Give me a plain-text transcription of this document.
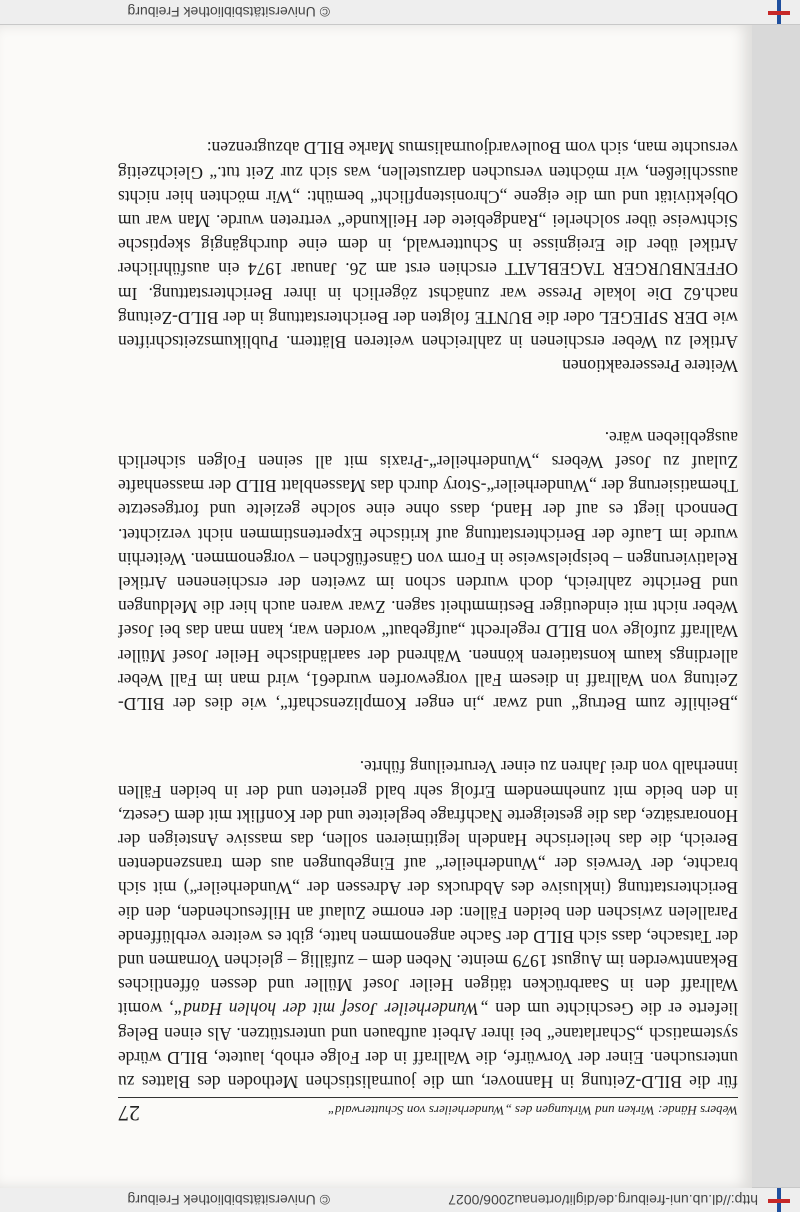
http://dl.ub.uni-freiburg.de/diglit/ortenau2006/0027
© Universitätsbibliothek Freiburg
Webers Hände: Wirken und Wirkungen des „Wunderheilers von Schutterwald“
27

für die BILD-Zeitung in Hannover, um die journalistischen Methoden des Blattes zu untersuchen. Einer der Vorwürfe, die Wallraff in der Folge erhob, lautete, BILD würde systematisch „Scharlatane“ bei ihrer Arbeit aufbauen und unterstützen. Als einen Beleg lieferte er die Geschichte um den „Wunderheiler Josef mit der hohlen Hand“, womit Wallraff den in Saarbrücken tätigen Heiler Josef Müller und dessen öffentliches Bekanntwerden im August 1979 meinte. Neben dem – zufällig – gleichen Vornamen und der Tatsache, dass sich BILD der Sache angenommen hatte, gibt es weitere verblüffende Parallelen zwischen den beiden Fällen: der enorme Zulauf an Hilfesuchenden, den die Berichterstattung (inklusive des Abdrucks der Adressen der „Wunderheiler“) mit sich brachte, der Verweis der „Wunderheiler“ auf Eingebungen aus dem transzendenten Bereich, die das heilerische Handeln legitimieren sollen, das massive Ansteigen der Honorarsätze, das die gesteigerte Nachfrage begleitete und der Konflikt mit dem Gesetz, in den beide mit zunehmendem Erfolg sehr bald gerieten und der in beiden Fällen innerhalb von drei Jahren zu einer Verurteilung führte.

„Beihilfe zum Betrug“ und zwar „in enger Komplizenschaft“, wie dies der BILD-Zeitung von Wallraff in diesem Fall vorgeworfen wurde61, wird man im Fall Weber allerdings kaum konstatieren können. Während der saarländische Heiler Josef Müller Wallraff zufolge von BILD regelrecht „aufgebaut“ worden war, kann man das bei Josef Weber nicht mit eindeutiger Bestimmtheit sagen. Zwar waren auch hier die Meldungen und Berichte zahlreich, doch wurden schon im zweiten der erschienenen Artikel Relativierungen – beispielsweise in Form von Gänsefüßchen – vorgenommen. Weiterhin wurde im Laufe der Berichterstattung auf kritische Expertenstimmen nicht verzichtet. Dennoch liegt es auf der Hand, dass ohne eine solche gezielte und fortgesetzte Thematisierung der „Wunderheiler“-Story durch das Massenblatt BILD der massenhafte Zulauf zu Josef Webers „Wunderheiler“-Praxis mit all seinen Folgen sicherlich ausgeblieben wäre.

Weitere Pressereaktionen

Artikel zu Weber erschienen in zahlreichen weiteren Blättern. Publikumszeitschriften wie DER SPIEGEL oder die BUNTE folgten der Berichterstattung in der BILD-Zeitung nach.62 Die lokale Presse war zunächst zögerlich in ihrer Berichterstattung. Im OFFENBURGER TAGEBLATT erschien erst am 26. Januar 1974 ein ausführlicher Artikel über die Ereignisse in Schutterwald, in dem eine durchgängig skeptische Sichtweise über solcherlei „Randgebiete der Heilkunde“ vertreten wurde. Man war um Objektivität und um die eigene „Chronistenpflicht“ bemüht: „Wir möchten hier nichts ausschließen, wir möchten versuchen darzustellen, was sich zur Zeit tut.“ Gleichzeitig versuchte man, sich vom Boulevardjournalismus Marke BILD abzugrenzen:

© Universitätsbibliothek Freiburg
